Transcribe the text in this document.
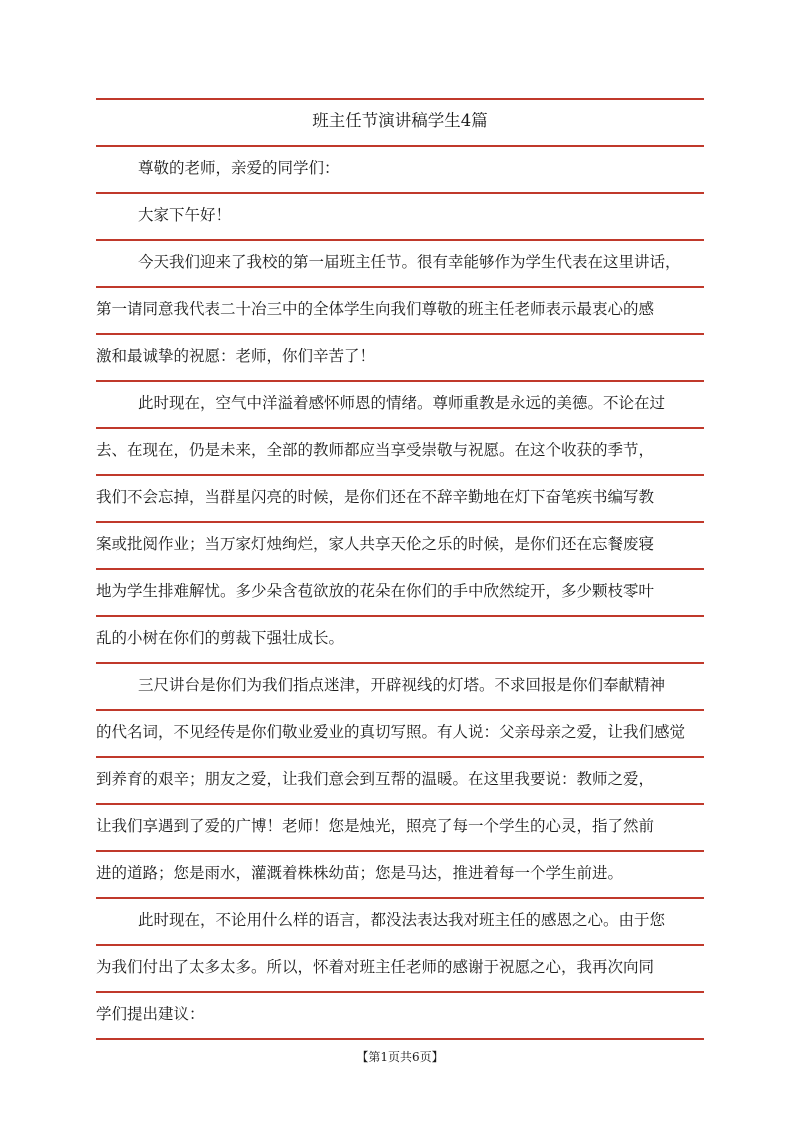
班主任节演讲稿学生4篇
尊敬的老师，亲爱的同学们：
大家下午好！
今天我们迎来了我校的第一届班主任节。很有幸能够作为学生代表在这里讲话，
第一请同意我代表二十冶三中的全体学生向我们尊敬的班主任老师表示最衷心的感
激和最诚挚的祝愿：老师，你们辛苦了！
此时现在，空气中洋溢着感怀师恩的情绪。尊师重教是永远的美德。不论在过
去、在现在，仍是未来，全部的教师都应当享受崇敬与祝愿。在这个收获的季节，
我们不会忘掉，当群星闪亮的时候，是你们还在不辞辛勤地在灯下奋笔疾书编写教
案或批阅作业；当万家灯烛绚烂，家人共享天伦之乐的时候，是你们还在忘餐废寝
地为学生排难解忧。多少朵含苞欲放的花朵在你们的手中欣然绽开，多少颗枝零叶
乱的小树在你们的剪裁下强壮成长。
三尺讲台是你们为我们指点迷津，开辟视线的灯塔。不求回报是你们奉献精神
的代名词，不见经传是你们敬业爱业的真切写照。有人说：父亲母亲之爱，让我们感觉
到养育的艰辛；朋友之爱，让我们意会到互帮的温暖。在这里我要说：教师之爱，
让我们享遇到了爱的广博！老师！您是烛光，照亮了每一个学生的心灵，指了然前
进的道路；您是雨水，灌溉着株株幼苗；您是马达，推进着每一个学生前进。
此时现在，不论用什么样的语言，都没法表达我对班主任的感恩之心。由于您
为我们付出了太多太多。所以，怀着对班主任老师的感谢于祝愿之心，我再次向同
学们提出建议：
【第1页共6页】
